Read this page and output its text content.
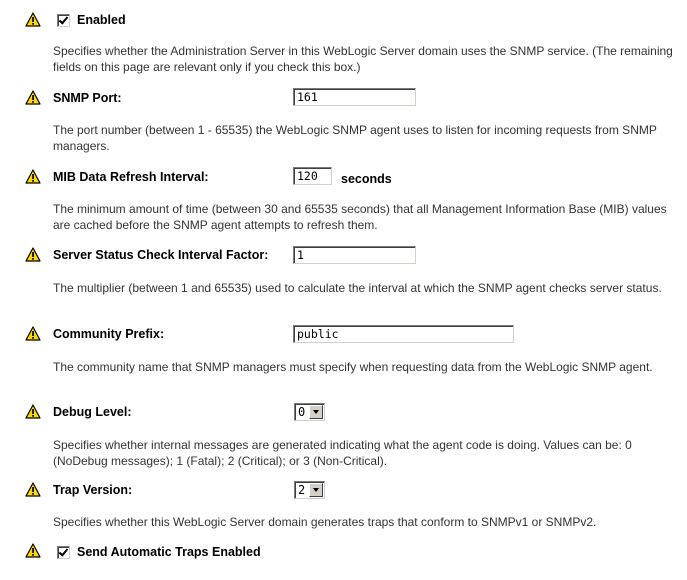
Enabled
Specifies whether the Administration Server in this WebLogic Server domain uses the SNMP service. (The remaining fields on this page are relevant only if you check this box.)
SNMP Port:	161
The port number (between 1 - 65535) the WebLogic SNMP agent uses to listen for incoming requests from SNMP managers.
MIB Data Refresh Interval:	120	seconds
The minimum amount of time (between 30 and 65535 seconds) that all Management Information Base (MIB) values are cached before the SNMP agent attempts to refresh them.
Server Status Check Interval Factor:	1
The multiplier (between 1 and 65535) used to calculate the interval at which the SNMP agent checks server status.
Community Prefix:	public
The community name that SNMP managers must specify when requesting data from the WebLogic SNMP agent.
Debug Level:	0
Specifies whether internal messages are generated indicating what the agent code is doing. Values can be: 0 (NoDebug messages); 1 (Fatal); 2 (Critical); or 3 (Non-Critical).
Trap Version:	2
Specifies whether this WebLogic Server domain generates traps that conform to SNMPv1 or SNMPv2.
Send Automatic Traps Enabled
